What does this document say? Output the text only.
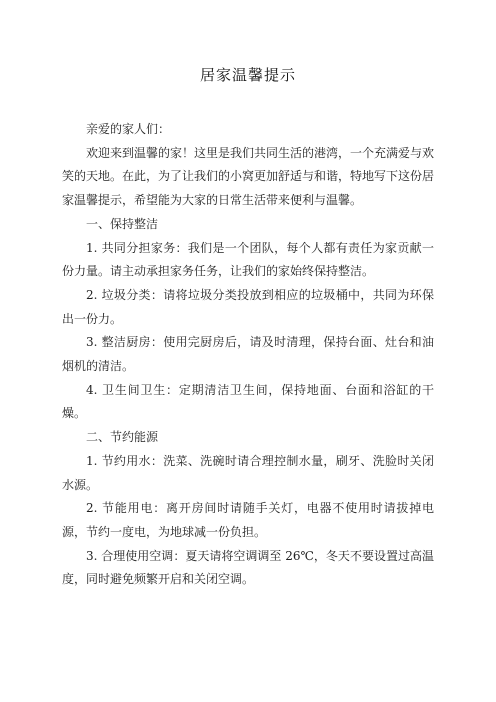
居家温馨提示

亲爱的家人们：

欢迎来到温馨的家！这里是我们共同生活的港湾，一个充满爱与欢笑的天地。在此，为了让我们的小窝更加舒适与和谐，特地写下这份居家温馨提示，希望能为大家的日常生活带来便利与温馨。

一、保持整洁

1. 共同分担家务：我们是一个团队，每个人都有责任为家贡献一份力量。请主动承担家务任务，让我们的家始终保持整洁。

2. 垃圾分类：请将垃圾分类投放到相应的垃圾桶中，共同为环保出一份力。

3. 整洁厨房：使用完厨房后，请及时清理，保持台面、灶台和油烟机的清洁。

4. 卫生间卫生：定期清洁卫生间，保持地面、台面和浴缸的干燥。

二、节约能源

1. 节约用水：洗菜、洗碗时请合理控制水量，刷牙、洗脸时关闭水源。

2. 节能用电：离开房间时请随手关灯，电器不使用时请拔掉电源，节约一度电，为地球减一份负担。

3. 合理使用空调：夏天请将空调调至 26℃，冬天不要设置过高温度，同时避免频繁开启和关闭空调。
